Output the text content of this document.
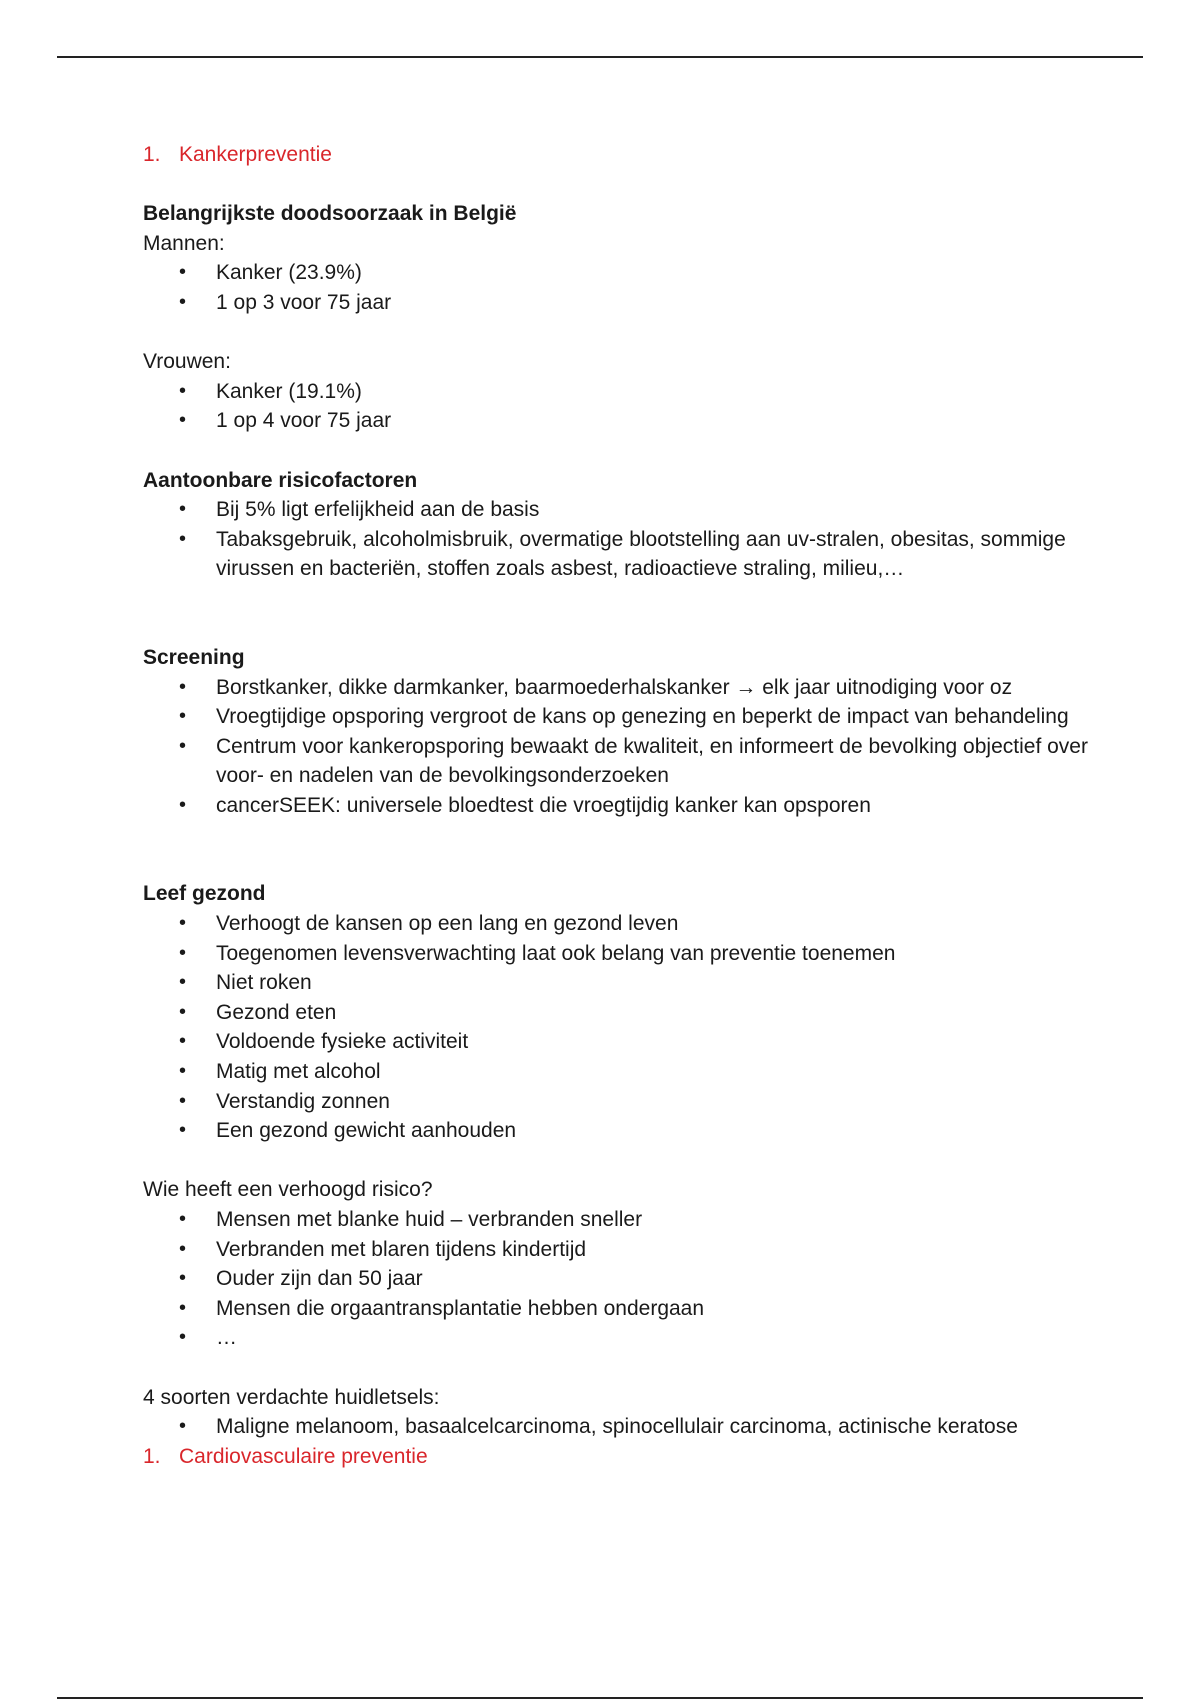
1. Kankerpreventie
Belangrijkste doodsoorzaak in België
Mannen:
• Kanker (23.9%)
• 1 op 3 voor 75 jaar
Vrouwen:
• Kanker (19.1%)
• 1 op 4 voor 75 jaar
Aantoonbare risicofactoren
• Bij 5% ligt erfelijkheid aan de basis
• Tabaksgebruik, alcoholmisbruik, overmatige blootstelling aan uv-stralen, obesitas, sommige virussen en bacteriën, stoffen zoals asbest, radioactieve straling, milieu,…
Screening
• Borstkanker, dikke darmkanker, baarmoederhalskanker → elk jaar uitnodiging voor oz
• Vroegtijdige opsporing vergroot de kans op genezing en beperkt de impact van behandeling
• Centrum voor kankeropsporing bewaakt de kwaliteit, en informeert de bevolking objectief over voor- en nadelen van de bevolkingsonderzoeken
• cancerSEEK: universele bloedtest die vroegtijdig kanker kan opsporen
Leef gezond
• Verhoogt de kansen op een lang en gezond leven
• Toegenomen levensverwachting laat ook belang van preventie toenemen
• Niet roken
• Gezond eten
• Voldoende fysieke activiteit
• Matig met alcohol
• Verstandig zonnen
• Een gezond gewicht aanhouden
Wie heeft een verhoogd risico?
• Mensen met blanke huid – verbranden sneller
• Verbranden met blaren tijdens kindertijd
• Ouder zijn dan 50 jaar
• Mensen die orgaantransplantatie hebben ondergaan
• …
4 soorten verdachte huidletsels:
• Maligne melanoom, basaalcelcarcinoma, spinocellulair carcinoma, actinische keratose
1. Cardiovasculaire preventie
